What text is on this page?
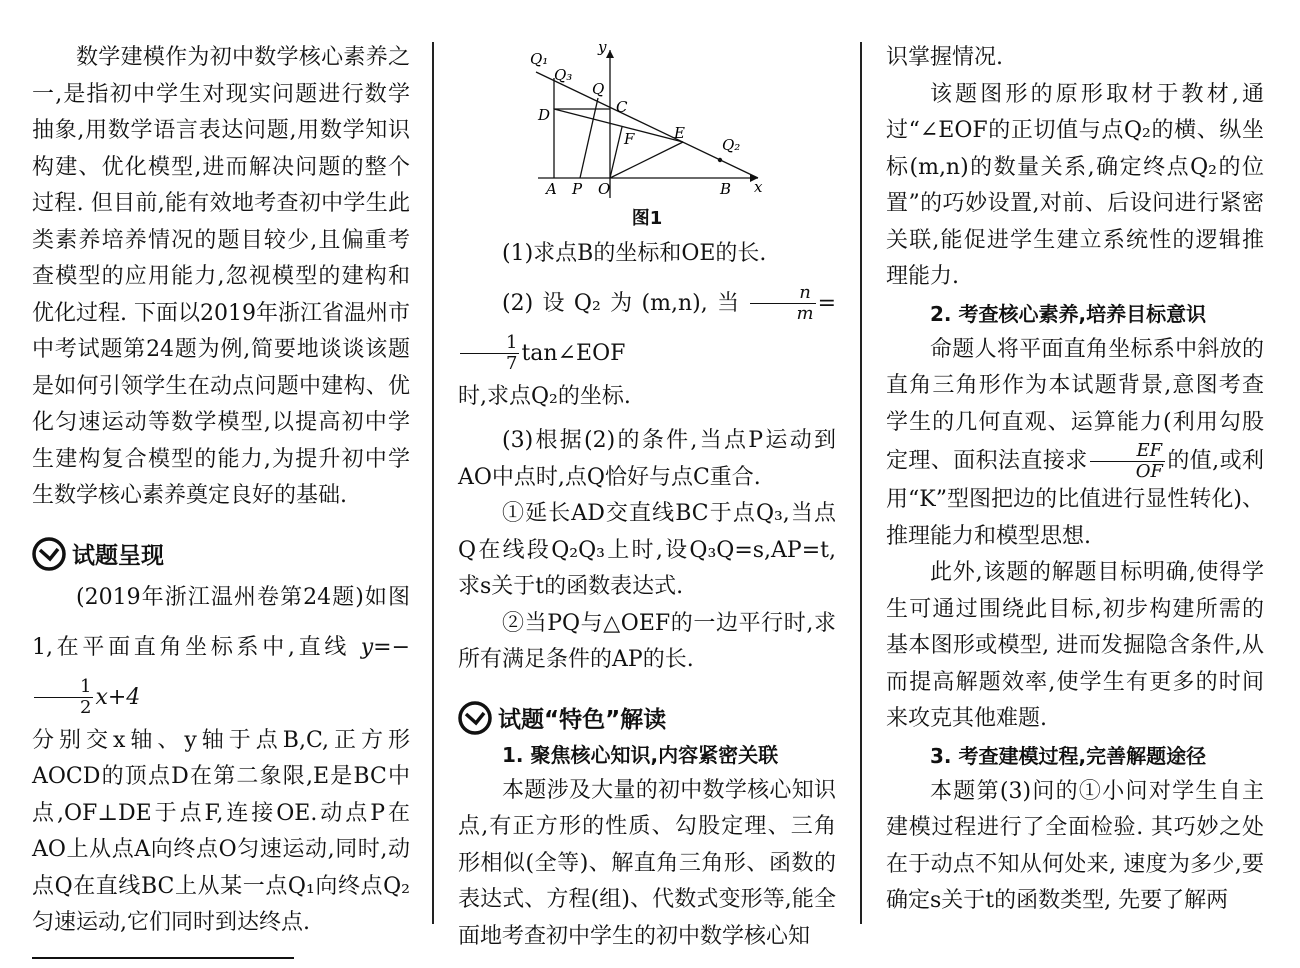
数学建模作为初中数学核心素养之一,是指初中学生对现实问题进行数学抽象,用数学语言表达问题,用数学知识构建、优化模型,进而解决问题的整个过程. 但目前,能有效地考查初中学生此类素养培养情况的题目较少,且偏重考查模型的应用能力,忽视模型的建构和优化过程. 下面以2019年浙江省温州市中考试题第24题为例,简要地谈谈该题是如何引领学生在动点问题中建构、优化匀速运动等数学模型,以提高初中学生建构复合模型的能力,为提升初中学生数学核心素养奠定良好的基础.

试题呈现

(2019年浙江温州卷第24题)如图1,在平面直角坐标系中,直线 y=−
$\frac{1}{2} x+4$

分别交x轴、y轴于点B,C,正方形AOCD的顶点D在第二象限,E是BC中点,OF⊥DE于点F,连接OE.动点P在AO上从点A向终点O匀速运动,同时,动点Q在直线BC上从某一点Q₁向终点Q₂匀速运动,它们同时到达终点.

Q₁
Q₃
y
Q
C
D
E
Q₂
F
A P O	B x
图1

(1)求点B的坐标和OE的长.

(2)设Q₂为(m,n),当 $\frac{n}{m}$ =
$\frac{1}{7}$ tan∠EOF

时,求点Q₂的坐标.

(3)根据(2)的条件,当点P运动到AO中点时,点Q恰好与点C重合.

①延长AD交直线BC于点Q₃,当点Q在线段Q₂Q₃上时,设Q₃Q=s,AP=t,求s关于t的函数表达式.

②当PQ与△OEF的一边平行时,求所有满足条件的AP的长.

试题“特色”解读
1. 聚焦核心知识,内容紧密关联

本题涉及大量的初中数学核心知识点,有正方形的性质、勾股定理、三角形相似(全等)、解直角三角形、函数的表达式、方程(组)、代数式变形等,能全面地考查初中学生的初中数学核心知

识掌握情况.

该题图形的原形取材于教材,通过“∠EOF的正切值与点Q₂的横、纵坐标(m,n)的数量关系,确定终点Q₂的位置”的巧妙设置,对前、后设问进行紧密关联,能促进学生建立系统性的逻辑推理能力.

2. 考查核心素养,培养目标意识

命题人将平面直角坐标系中斜放的直角三角形作为本试题背景,意图考查学生的几何直观、运算能力(利用勾股定理、面积法直接求 $\frac{EF}{OF}$ 的值,或利用“K”型图把边的比值进行显性转化)、推理能力和模型思想.

此外,该题的解题目标明确,使得学生可通过围绕此目标,初步构建所需的基本图形或模型, 进而发掘隐含条件,从而提高解题效率,使学生有更多的时间来攻克其他难题.

3. 考查建模过程,完善解题途径

本题第(3)问的①小问对学生自主建模过程进行了全面检验. 其巧妙之处在于动点不知从何处来, 速度为多少,要确定s关于t的函数类型, 先要了解两
